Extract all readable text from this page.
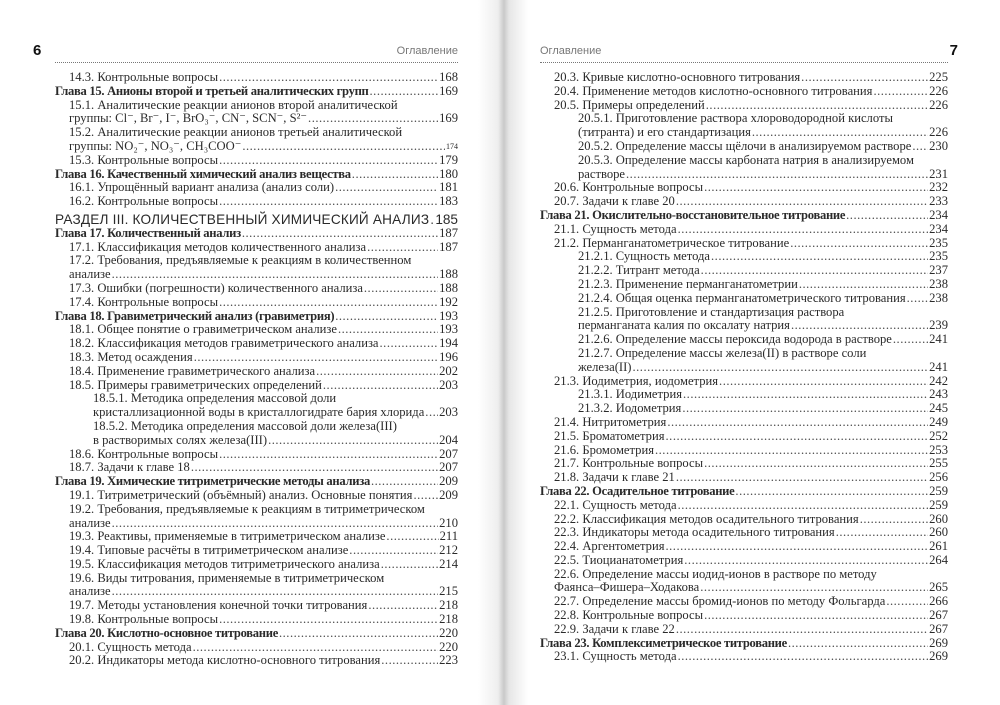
6	Оглавление
14.3. Контрольные вопросы .....	168
Глава 15. Анионы второй и третьей аналитических групп .....	169
15.1. Аналитические реакции анионов второй аналитической
группы: Cl⁻, Br⁻, I⁻, BrO₃⁻, CN⁻, SCN⁻, S²⁻ .....	169
15.2. Аналитические реакции анионов третьей аналитической
группы: NO₂⁻, NO₃⁻, CH₃COO⁻ .....	174
15.3. Контрольные вопросы .....	179
Глава 16. Качественный химический анализ вещества .....	180
16.1. Упрощённый вариант анализа (анализ соли) .....	181
16.2. Контрольные вопросы .....	183
РАЗДЕЛ III. КОЛИЧЕСТВЕННЫЙ ХИМИЧЕСКИЙ АНАЛИЗ ..... 185
Глава 17. Количественный анализ .....	187
17.1. Классификация методов количественного анализа .....	187
17.2. Требования, предъявляемые к реакциям в количественном
анализе .....	188
17.3. Ошибки (погрешности) количественного анализа .....	188
17.4. Контрольные вопросы .....	192
Глава 18. Гравиметрический анализ (гравиметрия) .....	193
18.1. Общее понятие о гравиметрическом анализе .....	193
18.2. Классификация методов гравиметрического анализа .....	194
18.3. Метод осаждения .....	196
18.4. Применение гравиметрического анализа .....	202
18.5. Примеры гравиметрических определений .....	203
18.5.1. Методика определения массовой доли
кристаллизационной воды в кристаллогидрате бария хлорида ..... 203
18.5.2. Методика определения массовой доли железа(III)
в растворимых солях железа(III) .....	204
18.6. Контрольные вопросы .....	207
18.7. Задачи к главе 18 .....	207
Глава 19. Химические титриметрические методы анализа .....	209
19.1. Титриметрический (объёмный) анализ. Основные понятия ..... 209
19.2. Требования, предъявляемые к реакциям в титриметрическом
анализе .....	210
19.3. Реактивы, применяемые в титриметрическом анализе .....	211
19.4. Типовые расчёты в титриметрическом анализе .....	212
19.5. Классификация методов титриметрического анализа .....	214
19.6. Виды титрования, применяемые в титриметрическом
анализе .....	215
19.7. Методы установления конечной точки титрования .....	218
19.8. Контрольные вопросы .....	218
Глава 20. Кислотно-основное титрование .....	220
20.1. Сущность метода .....	220
20.2. Индикаторы метода кислотно-основного титрования .....	223
Оглавление	7
20.3. Кривые кислотно-основного титрования .....	225
20.4. Применение методов кислотно-основного титрования .....	226
20.5. Примеры определений .....	226
20.5.1. Приготовление раствора хлороводородной кислоты
(титранта) и его стандартизация .....	226
20.5.2. Определение массы щёлочи в анализируемом растворе ..... 230
20.5.3. Определение массы карбоната натрия в анализируемом
растворе .....	231
20.6. Контрольные вопросы .....	232
20.7. Задачи к главе 20 .....	233
Глава 21. Окислительно-восстановительное титрование .....	234
21.1. Сущность метода .....	234
21.2. Перманганатометрическое титрование .....	235
21.2.1. Сущность метода .....	235
21.2.2. Титрант метода .....	237
21.2.3. Применение перманганатометрии .....	238
21.2.4. Общая оценка перманганатометрического титрования ..... 238
21.2.5. Приготовление и стандартизация раствора
перманганата калия по оксалату натрия .....	239
21.2.6. Определение массы пероксида водорода в растворе .....	241
21.2.7. Определение массы железа(II) в растворе соли
железа(II) .....	241
21.3. Иодиметрия, иодометрия .....	242
21.3.1. Иодиметрия .....	243
21.3.2. Иодометрия .....	245
21.4. Нитритометрия .....	249
21.5. Броматометрия .....	252
21.6. Бромометрия .....	253
21.7. Контрольные вопросы .....	255
21.8. Задачи к главе 21 .....	256
Глава 22. Осадительное титрование .....	259
22.1. Сущность метода .....	259
22.2. Классификация методов осадительного титрования .....	260
22.3. Индикаторы метода осадительного титрования .....	260
22.4. Аргентометрия .....	261
22.5. Тиоцианатометрия .....	264
22.6. Определение массы иодид-ионов в растворе по методу
Фаянса–Фишера–Ходакова .....	265
22.7. Определение массы бромид-ионов по методу Фольгарда .....	266
22.8. Контрольные вопросы .....	267
22.9. Задачи к главе 22 .....	267
Глава 23. Комплексиметрическое титрование .....	269
23.1. Сущность метода .....	269
